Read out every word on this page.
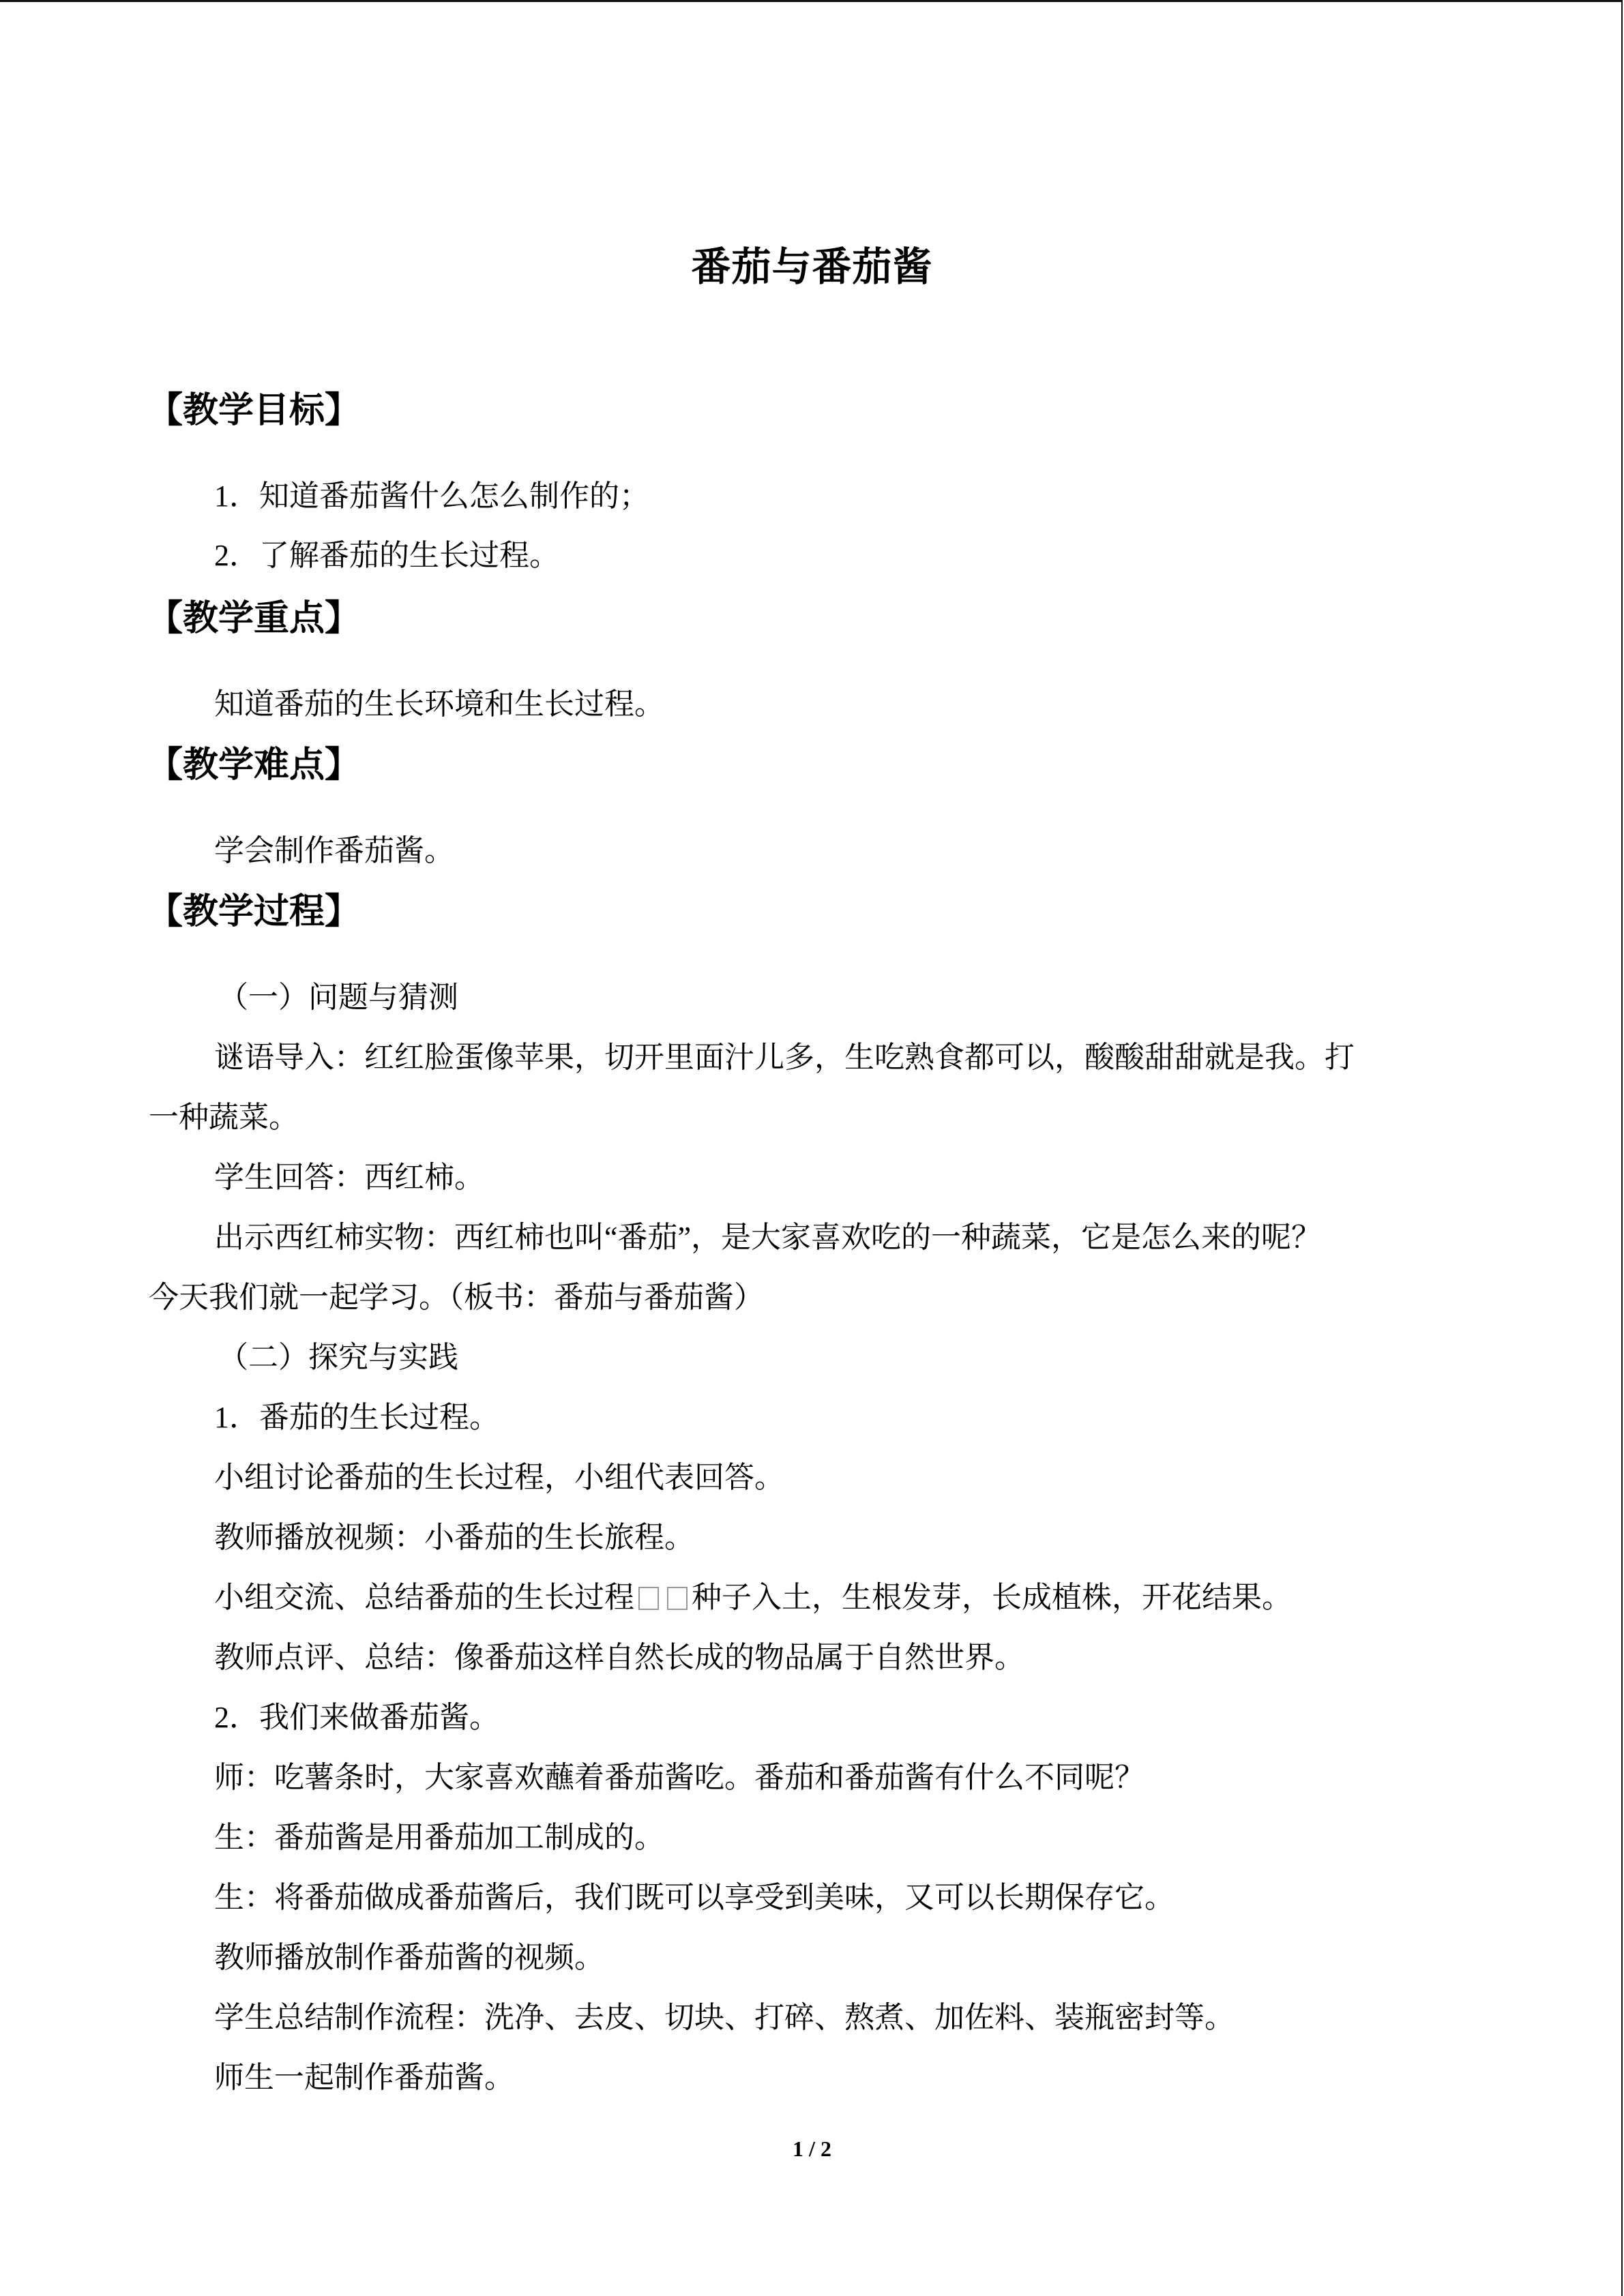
番茄与番茄酱
【教学目标】

1．知道番茄酱什么怎么制作的；

2．了解番茄的生长过程。

【教学重点】

知道番茄的生长环境和生长过程。

【教学难点】

学会制作番茄酱。

【教学过程】

（一）问题与猜测

谜语导入：红红脸蛋像苹果，切开里面汁儿多，生吃熟食都可以，酸酸甜甜就是我。打

一种蔬菜。

学生回答：西红柿。

出示西红柿实物：西红柿也叫“番茄”，是大家喜欢吃的一种蔬菜，它是怎么来的呢？

今天我们就一起学习。（板书：番茄与番茄酱）

（二）探究与实践

1．番茄的生长过程。

小组讨论番茄的生长过程，小组代表回答。

教师播放视频：小番茄的生长旅程。

小组交流、总结番茄的生长过程 种子入土，生根发芽，长成植株，开花结果。

教师点评、总结：像番茄这样自然长成的物品属于自然世界。

2．我们来做番茄酱。

师：吃薯条时，大家喜欢蘸着番茄酱吃。番茄和番茄酱有什么不同呢？

生：番茄酱是用番茄加工制成的。

生：将番茄做成番茄酱后，我们既可以享受到美味，又可以长期保存它。

教师播放制作番茄酱的视频。

学生总结制作流程：洗净、去皮、切块、打碎、熬煮、加佐料、装瓶密封等。

师生一起制作番茄酱。

1 / 2
